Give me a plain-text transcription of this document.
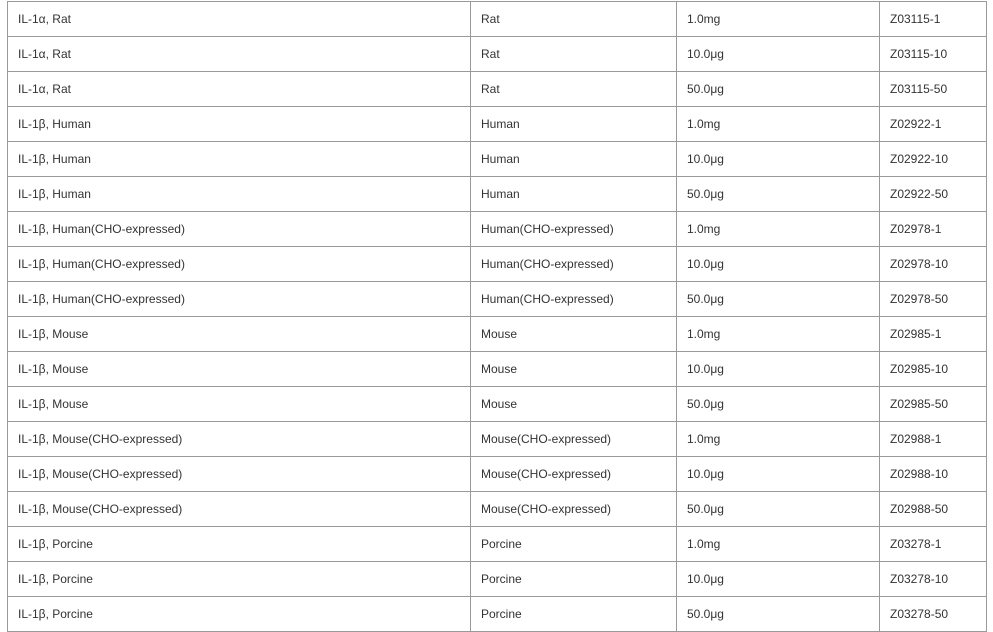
IL-1α, Rat	Rat	1.0mg	Z03115-1
IL-1α, Rat	Rat	10.0μg	Z03115-10
IL-1α, Rat	Rat	50.0μg	Z03115-50
IL-1β, Human	Human	1.0mg	Z02922-1
IL-1β, Human	Human	10.0μg	Z02922-10
IL-1β, Human	Human	50.0μg	Z02922-50
IL-1β, Human(CHO-expressed)	Human(CHO-expressed)	1.0mg	Z02978-1
IL-1β, Human(CHO-expressed)	Human(CHO-expressed)	10.0μg	Z02978-10
IL-1β, Human(CHO-expressed)	Human(CHO-expressed)	50.0μg	Z02978-50
IL-1β, Mouse	Mouse	1.0mg	Z02985-1
IL-1β, Mouse	Mouse	10.0μg	Z02985-10
IL-1β, Mouse	Mouse	50.0μg	Z02985-50
IL-1β, Mouse(CHO-expressed)	Mouse(CHO-expressed)	1.0mg	Z02988-1
IL-1β, Mouse(CHO-expressed)	Mouse(CHO-expressed)	10.0μg	Z02988-10
IL-1β, Mouse(CHO-expressed)	Mouse(CHO-expressed)	50.0μg	Z02988-50
IL-1β, Porcine	Porcine	1.0mg	Z03278-1
IL-1β, Porcine	Porcine	10.0μg	Z03278-10
IL-1β, Porcine	Porcine	50.0μg	Z03278-50
